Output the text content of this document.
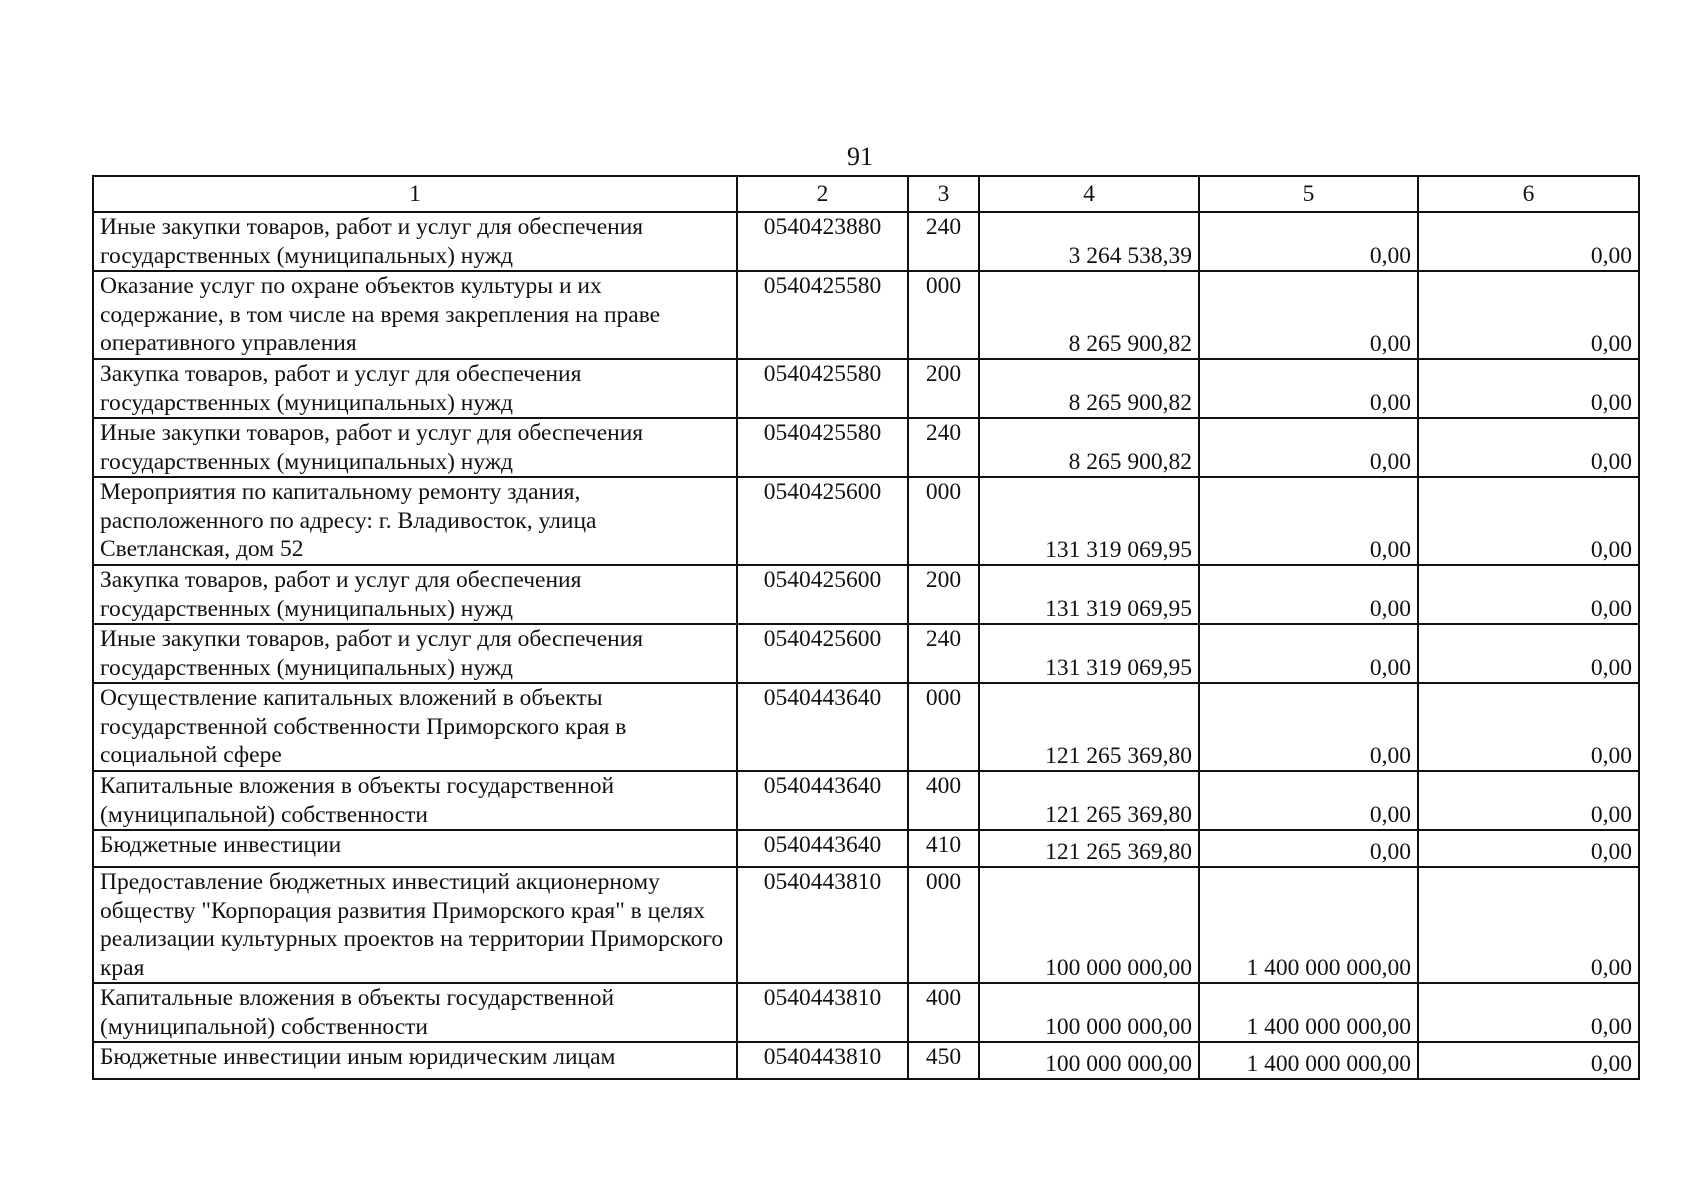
91
1	2	3	4	5	6
Иные закупки товаров, работ и услуг для обеспечения государственных (муниципальных) нужд	0540423880	240	3 264 538,39	0,00	0,00
Оказание услуг по охране объектов культуры и их содержание, в том числе на время закрепления на праве оперативного управления	0540425580	000	8 265 900,82	0,00	0,00
Закупка товаров, работ и услуг для обеспечения государственных (муниципальных) нужд	0540425580	200	8 265 900,82	0,00	0,00
Иные закупки товаров, работ и услуг для обеспечения государственных (муниципальных) нужд	0540425580	240	8 265 900,82	0,00	0,00
Мероприятия по капитальному ремонту здания, расположенного по адресу: г. Владивосток, улица Светланская, дом 52	0540425600	000	131 319 069,95	0,00	0,00
Закупка товаров, работ и услуг для обеспечения государственных (муниципальных) нужд	0540425600	200	131 319 069,95	0,00	0,00
Иные закупки товаров, работ и услуг для обеспечения государственных (муниципальных) нужд	0540425600	240	131 319 069,95	0,00	0,00
Осуществление капитальных вложений в объекты государственной собственности Приморского края в социальной сфере	0540443640	000	121 265 369,80	0,00	0,00
Капитальные вложения в объекты государственной (муниципальной) собственности	0540443640	400	121 265 369,80	0,00	0,00
Бюджетные инвестиции	0540443640	410	121 265 369,80	0,00	0,00
Предоставление бюджетных инвестиций акционерному обществу "Корпорация развития Приморского края" в целях реализации культурных проектов на территории Приморского края	0540443810	000	100 000 000,00	1 400 000 000,00	0,00
Капитальные вложения в объекты государственной (муниципальной) собственности	0540443810	400	100 000 000,00	1 400 000 000,00	0,00
Бюджетные инвестиции иным юридическим лицам	0540443810	450	100 000 000,00	1 400 000 000,00	0,00
